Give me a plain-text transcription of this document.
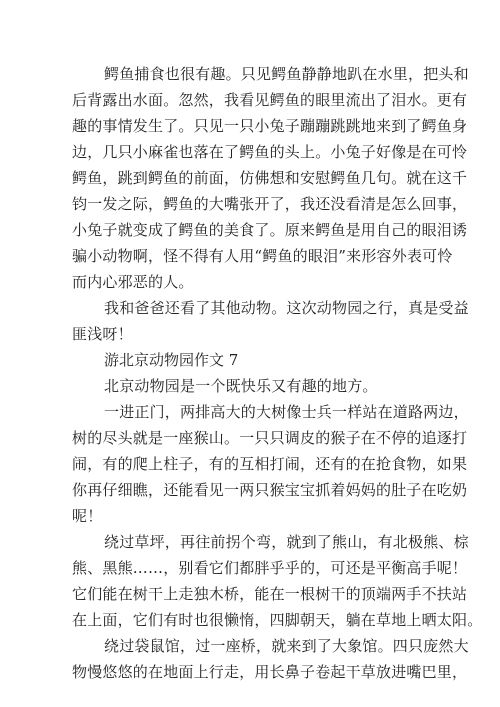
鳄鱼捕食也很有趣。只见鳄鱼静静地趴在水里，把头和
后背露出水面。忽然，我看见鳄鱼的眼里流出了泪水。更有
趣的事情发生了。只见一只小兔子蹦蹦跳跳地来到了鳄鱼身
边，几只小麻雀也落在了鳄鱼的头上。小兔子好像是在可怜
鳄鱼，跳到鳄鱼的前面，仿佛想和安慰鳄鱼几句。就在这千
钧一发之际，鳄鱼的大嘴张开了，我还没看清是怎么回事，
小兔子就变成了鳄鱼的美食了。原来鳄鱼是用自己的眼泪诱
骗小动物啊，怪不得有人用“鳄鱼的眼泪”来形容外表可怜
而内心邪恶的人。
我和爸爸还看了其他动物。这次动物园之行，真是受益
匪浅呀！
游北京动物园作文 7
北京动物园是一个既快乐又有趣的地方。
一进正门，两排高大的大树像士兵一样站在道路两边，
树的尽头就是一座猴山。一只只调皮的猴子在不停的追逐打
闹，有的爬上柱子，有的互相打闹，还有的在抢食物，如果
你再仔细瞧，还能看见一两只猴宝宝抓着妈妈的肚子在吃奶
呢！
绕过草坪，再往前拐个弯，就到了熊山，有北极熊、棕
熊、黑熊……，别看它们都胖乎乎的，可还是平衡高手呢！
它们能在树干上走独木桥，能在一根树干的顶端两手不扶站
在上面，它们有时也很懒惰，四脚朝天，躺在草地上晒太阳。
绕过袋鼠馆，过一座桥，就来到了大象馆。四只庞然大
物慢悠悠的在地面上行走，用长鼻子卷起干草放进嘴巴里，
